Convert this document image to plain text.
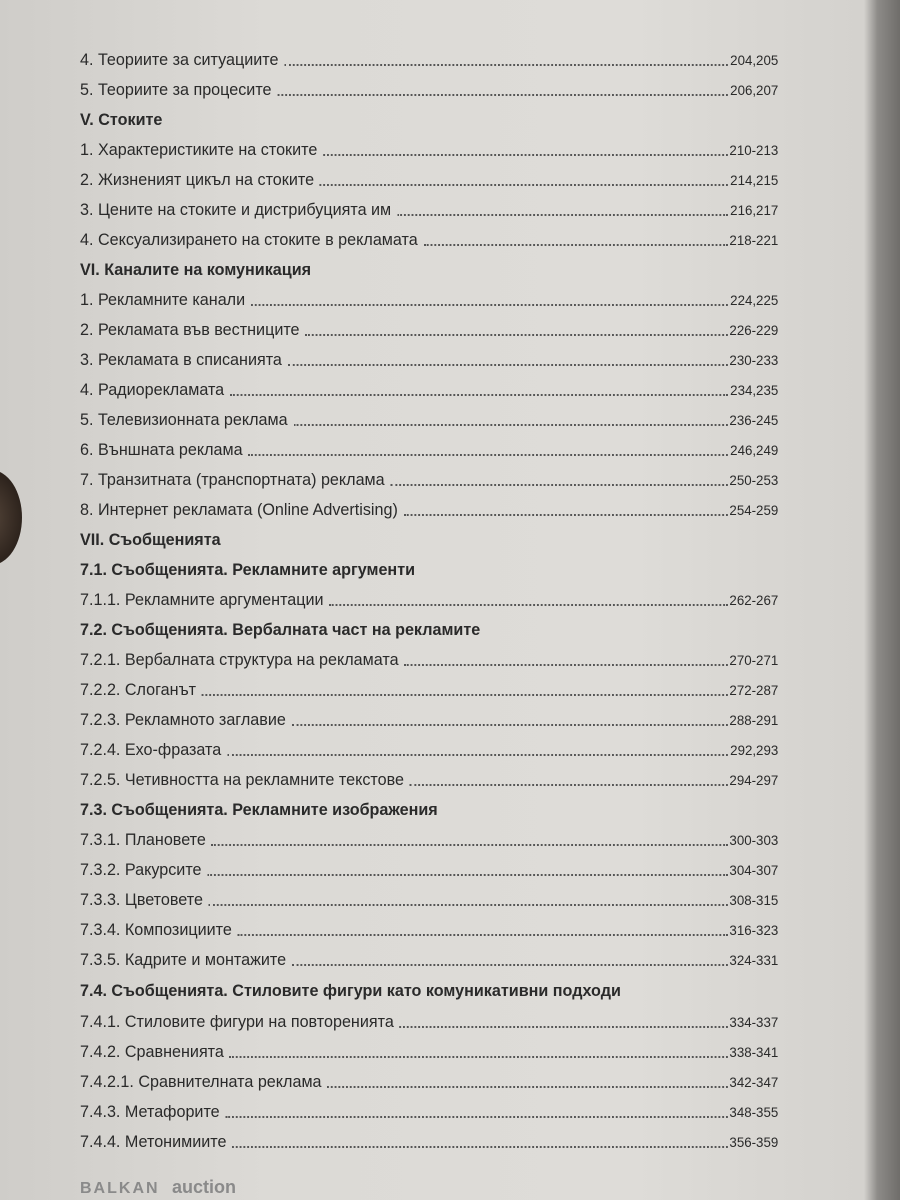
4. Теориите за ситуациите	204,205
5. Теориите за процесите	206,207
V. Стоките
1. Характеристиките на стоките	210-213
2. Жизненият цикъл на стоките	214,215
3. Цените на стоките и дистрибуцията им	216,217
4. Сексуализирането на стоките в рекламата	218-221
VI. Каналите на комуникация
1. Рекламните канали	224,225
2. Рекламата във вестниците	226-229
3. Рекламата в списанията	230-233
4. Радиорекламата	234,235
5. Телевизионната реклама	236-245
6. Външната реклама	246,249
7. Транзитната (транспортната) реклама	250-253
8. Интернет рекламата (Online Advertising)	254-259
VII. Съобщенията
7.1. Съобщенията. Рекламните аргументи
7.1.1. Рекламните аргументации	262-267
7.2. Съобщенията. Вербалната част на рекламите
7.2.1. Вербалната структура на рекламата	270-271
7.2.2. Слоганът	272-287
7.2.3. Рекламното заглавие	288-291
7.2.4. Ехо-фразата	292,293
7.2.5. Четивността на рекламните текстове	294-297
7.3. Съобщенията. Рекламните изображения
7.3.1. Плановете	300-303
7.3.2. Ракурсите	304-307
7.3.3. Цветовете	308-315
7.3.4. Композициите	316-323
7.3.5. Кадрите и монтажите	324-331
7.4. Съобщенията. Стиловите фигури като комуникативни подходи
7.4.1. Стиловите фигури на повторенията	334-337
7.4.2. Сравненията	338-341
7.4.2.1. Сравнителната реклама	342-347
7.4.3. Метафорите	348-355
7.4.4. Метонимиите	356-359
BALKAN auction
